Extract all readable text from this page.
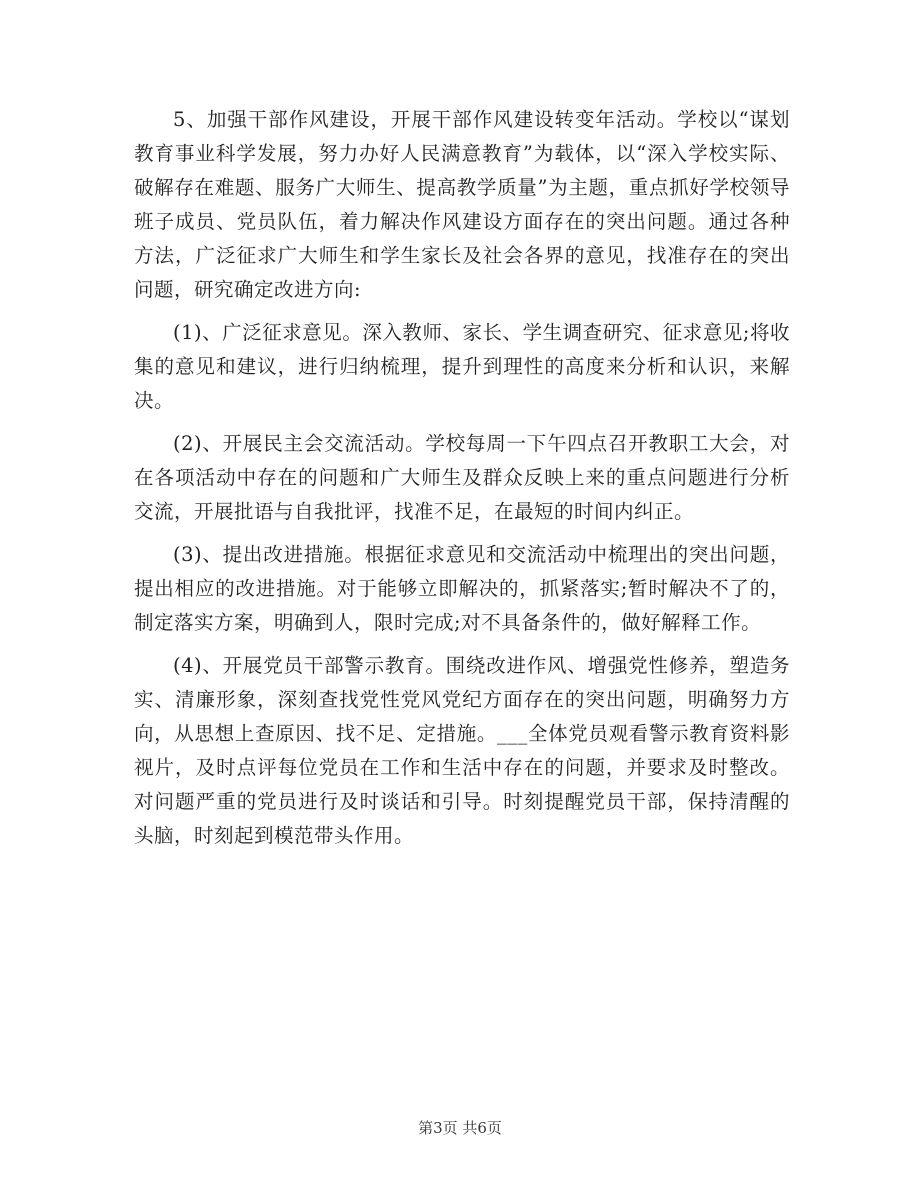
5、加强干部作风建设，开展干部作风建设转变年活动。学校以“谋划教育事业科学发展，努力办好人民满意教育”为载体，以“深入学校实际、破解存在难题、服务广大师生、提高教学质量”为主题，重点抓好学校领导班子成员、党员队伍，着力解决作风建设方面存在的突出问题。通过各种方法，广泛征求广大师生和学生家长及社会各界的意见，找准存在的突出问题，研究确定改进方向:

(1)、广泛征求意见。深入教师、家长、学生调查研究、征求意见;将收集的意见和建议，进行归纳梳理，提升到理性的高度来分析和认识，来解决。

(2)、开展民主会交流活动。学校每周一下午四点召开教职工大会，对在各项活动中存在的问题和广大师生及群众反映上来的重点问题进行分析交流，开展批语与自我批评，找准不足，在最短的时间内纠正。

(3)、提出改进措施。根据征求意见和交流活动中梳理出的突出问题，提出相应的改进措施。对于能够立即解决的，抓紧落实;暂时解决不了的，制定落实方案，明确到人，限时完成;对不具备条件的，做好解释工作。

(4)、开展党员干部警示教育。围绕改进作风、增强党性修养，塑造务实、清廉形象，深刻查找党性党风党纪方面存在的突出问题，明确努力方向，从思想上查原因、找不足、定措施。___全体党员观看警示教育资料影视片，及时点评每位党员在工作和生活中存在的问题，并要求及时整改。对问题严重的党员进行及时谈话和引导。时刻提醒党员干部，保持清醒的头脑，时刻起到模范带头作用。

第3页 共6页
